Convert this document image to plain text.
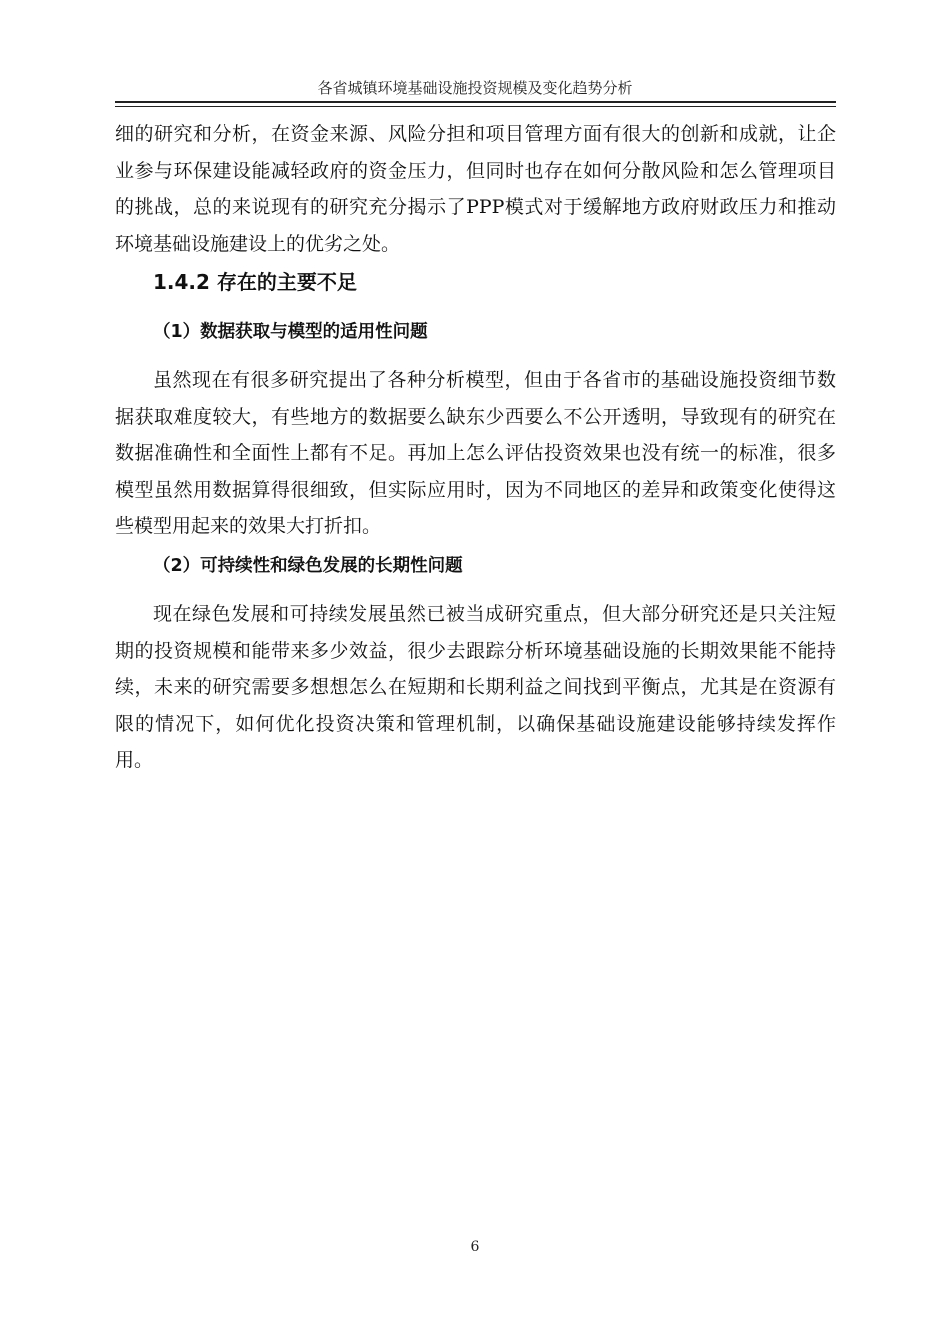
各省城镇环境基础设施投资规模及变化趋势分析

细的研究和分析，在资金来源、风险分担和项目管理方面有很大的创新和成就，让企业参与环保建设能减轻政府的资金压力，但同时也存在如何分散风险和怎么管理项目的挑战，总的来说现有的研究充分揭示了PPP模式对于缓解地方政府财政压力和推动环境基础设施建设上的优劣之处。

1.4.2 存在的主要不足
（1）数据获取与模型的适用性问题

虽然现在有很多研究提出了各种分析模型，但由于各省市的基础设施投资细节数据获取难度较大，有些地方的数据要么缺东少西要么不公开透明，导致现有的研究在数据准确性和全面性上都有不足。再加上怎么评估投资效果也没有统一的标准，很多模型虽然用数据算得很细致，但实际应用时，因为不同地区的差异和政策变化使得这些模型用起来的效果大打折扣。

（2）可持续性和绿色发展的长期性问题

现在绿色发展和可持续发展虽然已被当成研究重点，但大部分研究还是只关注短期的投资规模和能带来多少效益，很少去跟踪分析环境基础设施的长期效果能不能持续，未来的研究需要多想想怎么在短期和长期利益之间找到平衡点，尤其是在资源有限的情况下，如何优化投资决策和管理机制，以确保基础设施建设能够持续发挥作用。

6
